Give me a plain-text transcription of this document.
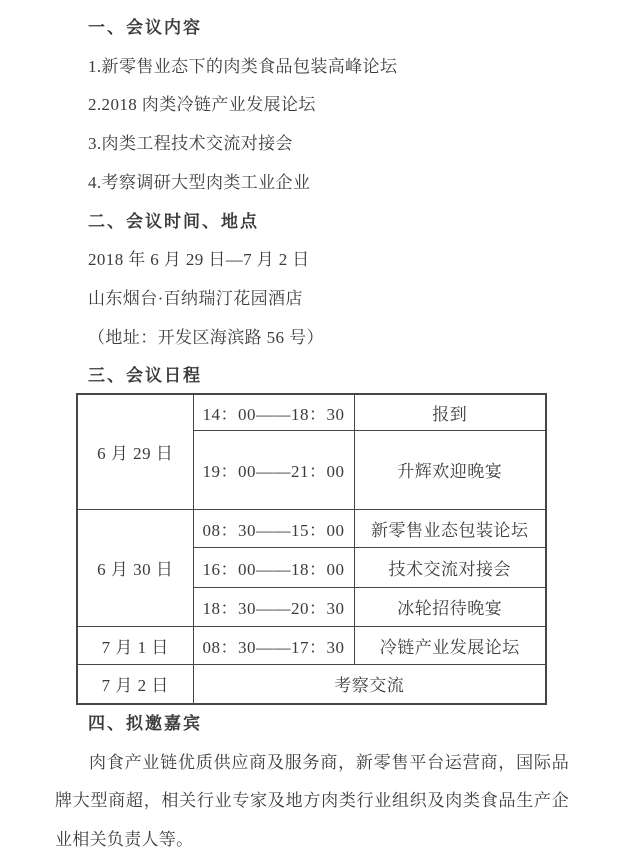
一、会议内容

1.新零售业态下的肉类食品包装高峰论坛

2.2018 肉类冷链产业发展论坛

3.肉类工程技术交流对接会

4.考察调研大型肉类工业企业

二、会议时间、地点

2018 年 6 月 29 日—7 月 2 日

山东烟台·百纳瑞汀花园酒店

（地址：开发区海滨路 56 号）

三、会议日程

6 月 29 日	14：00——18：30	报到
	19：00——21：00	升辉欢迎晚宴
6 月 30 日	08：30——15：00	新零售业态包装论坛
	16：00——18：00	技术交流对接会
	18：30——20：30	冰轮招待晚宴
7 月 1 日	08：30——17：30	冷链产业发展论坛
7 月 2 日	考察交流	

四、拟邀嘉宾

肉食产业链优质供应商及服务商，新零售平台运营商，国际品牌大型商超，相关行业专家及地方肉类行业组织及肉类食品生产企业相关负责人等。
